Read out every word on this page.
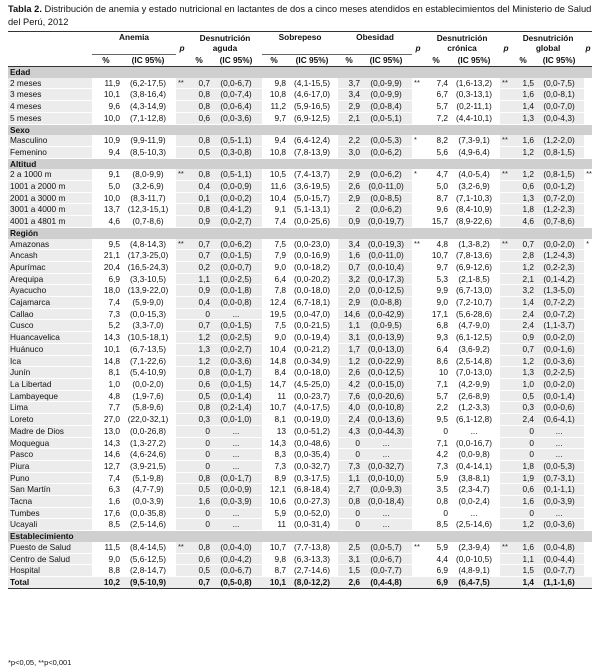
Tabla 2. Distribución de anemia y estado nutricional en lactantes de dos a cinco meses atendidos en establecimientos del Ministerio de Salud del Perú, 2012
	Anemia			Desnutrición aguda		Sobrepeso		Obesidad			Desnutrición crónica			Desnutrición global		
			p							p			p			p
	%	(IC 95%)		%	(IC 95%)	%	(IC 95%)	%	(IC 95%)		%	(IC 95%)		%	(IC 95%)	
Edad																
2 meses	11,9	(6,2-17,5)	**	0,7	(0,0-6,7)	9,8	(4,1-15,5)	3,7	(0,0-9,9)	**	7,4	(1,6-13,2)	**	1,5	(0,0-7,5)	
3 meses	10,1	(3,8-16,4)		0,8	(0,0-7,4)	10,8	(4,6-17,0)	3,4	(0,0-9,9)		6,7	(0,3-13,1)		1,6	(0,0-8,1)	
4 meses	9,6	(4,3-14,9)		0,8	(0,0-6,4)	11,2	(5,9-16,5)	2,9	(0,0-8,4)		5,7	(0,2-11,1)		1,4	(0,0-7,0)	
5 meses	10,0	(7,1-12,8)		0,6	(0,0-3,6)	9,7	(6,9-12,5)	2,1	(0,0-5,1)		7,2	(4,4-10,1)		1,3	(0,0-4,3)	
Sexo																
Masculino	10,9	(9,9-11,9)		0,8	(0,5-1,1)	9,4	(6,4-12,4)	2,2	(0,0-5,3)	*	8,2	(7,3-9,1)	**	1,6	(1,2-2,0)	
Femenino	9,4	(8,5-10,3)		0,5	(0,3-0,8)	10,8	(7,8-13,9)	3,0	(0,0-6,2)		5,6	(4,9-6,4)		1,2	(0,8-1,5)	
Altitud																
2 a 1000 m	9,1	(8,0-9,9)	**	0,8	(0,5-1,1)	10,5	(7,4-13,7)	2,9	(0,0-6,2)	*	4,7	(4,0-5,4)	**	1,2	(0,8-1,5)	**
1001 a 2000 m	5,0	(3,2-6,9)		0,4	(0,0-0,9)	11,6	(3,6-19,5)	2,6	(0,0-11,0)		5,0	(3,2-6,9)		0,6	(0,0-1,2)	
2001 a 3000 m	10,0	(8,3-11,7)		0,1	(0,0-0,2)	10,4	(5,0-15,7)	2,9	(0,0-8,5)		8,7	(7,1-10,3)		1,3	(0,7-2,0)	
3001 a 4000 m	13,7	(12,3-15,1)		0,8	(0,4-1,2)	9,1	(5,1-13,1)	2	(0,0-6,2)		9,6	(8,4-10,9)		1,8	(1,2-2,3)	
4001 a 4801 m	4,6	(0,7-8,6)		0,9	(0,0-2,7)	7,4	(0,0-25,6)	0,9	(0,0-19,7)		15,7	(8,9-22,6)		4,6	(0,7-8,6)	
Región																
Amazonas	9,5	(4,8-14,3)	**	0,7	(0,0-6,2)	7,5	(0,0-23,0)	3,4	(0,0-19,3)	**	4,8	(1,3-8,2)	**	0,7	(0,0-2,0)	*
Ancash	21,1	(17,3-25,0)		0,7	(0,0-1,5)	7,9	(0,0-16,9)	1,6	(0,0-11,0)		10,7	(7,8-13,6)		2,8	(1,2-4,3)	
Apurímac	20,4	(16,5-24,3)		0,2	(0,0-0,7)	9,0	(0,0-18,2)	0,7	(0,0-10,4)		9,7	(6,9-12,6)		1,2	(0,2-2,3)	
Arequipa	6,9	(3,3-10,5)		1,1	(0,0-2,5)	6,4	(0,0-20,2)	3,2	(0,0-17,3)		5,3	(2,1-8,5)		2,1	(0,1-4,2)	
Ayacucho	18,0	(13,9-22,0)		0,9	(0,0-1,8)	7,8	(0,0-18,0)	2,0	(0,0-12,5)		9,9	(6,7-13,0)		3,2	(1,3-5,0)	
Cajamarca	7,4	(5,9-9,0)		0,4	(0,0-0,8)	12,4	(6,7-18,1)	2,9	(0,0-8,8)		9,0	(7,2-10,7)		1,4	(0,7-2,2)	
Callao	7,3	(0,0-15,3)		0	...	19,5	(0,0-47,0)	14,6	(0,0-42,9)		17,1	(5,6-28,6)		2,4	(0,0-7,2)	
Cusco	5,2	(3,3-7,0)		0,7	(0,0-1,5)	7,5	(0,0-21,5)	1,1	(0,0-9,5)		6,8	(4,7-9,0)		2,4	(1,1-3,7)	
Huancavelica	14,3	(10,5-18,1)		1,2	(0,0-2,5)	9,0	(0,0-19,4)	3,1	(0,0-13,9)		9,3	(6,1-12,5)		0,9	(0,0-2,0)	
Huánuco	10,1	(6,7-13,5)		1,3	(0,0-2,7)	10,4	(0,0-21,2)	1,7	(0,0-13,0)		6,4	(3,6-9,2)		0,7	(0,0-1,6)	
Ica	14,8	(7,1-22,6)		1,2	(0,0-3,6)	14,8	(0,0-34,9)	1,2	(0,0-22,9)		8,6	(2,5-14,8)		1,2	(0,0-3,6)	
Junín	8,1	(5,4-10,9)		0,8	(0,0-1,7)	8,4	(0,0-18,0)	2,6	(0,0-12,5)		10	(7,0-13,0)		1,3	(0,2-2,5)	
La Libertad	1,0	(0,0-2,0)		0,6	(0,0-1,5)	14,7	(4,5-25,0)	4,2	(0,0-15,0)		7,1	(4,2-9,9)		1,0	(0,0-2,0)	
Lambayeque	4,8	(1,9-7,6)		0,5	(0,0-1,4)	11	(0,0-23,7)	7,6	(0,0-20,6)		5,7	(2,6-8,9)		0,5	(0,0-1,4)	
Lima	7,7	(5,8-9,6)		0,8	(0,2-1,4)	10,7	(4,0-17,5)	4,0	(0,0-10,8)		2,2	(1,2-3,3)		0,3	(0,0-0,6)	
Loreto	27,0	(22,0-32,1)		0,3	(0,0-1,0)	8,1	(0,0-19,0)	2,4	(0,0-13,6)		9,5	(6,1-12,8)		2,4	(0,6-4,1)	
Madre de Dios	13,0	(0,0-26,8)		0	...	13	(0,0-51,2)	4,3	(0,0-44,3)		0	...		0	...	
Moquegua	14,3	(1,3-27,2)		0	...	14,3	(0,0-48,6)	0	...		7,1	(0,0-16,7)		0	...	
Pasco	14,6	(4,6-24,6)		0	...	8,3	(0,0-35,4)	0	...		4,2	(0,0-9,8)		0	...	
Piura	12,7	(3,9-21,5)		0	...	7,3	(0,0-32,7)	7,3	(0,0-32,7)		7,3	(0,4-14,1)		1,8	(0,0-5,3)	
Puno	7,4	(5,1-9,8)		0,8	(0,0-1,7)	8,9	(0,3-17,5)	1,1	(0,0-10,0)		5,9	(3,8-8,1)		1,9	(0,7-3,1)	
San Martín	6,3	(4,7-7,9)		0,5	(0,0-0,9)	12,1	(6,8-18,4)	2,7	(0,0-9,3)		3,5	(2,3-4,7)		0,6	(0,1-1,1)	
Tacna	1,6	(0,0-3,9)		1,6	(0,0-3,9)	10,6	(0,0-27,3)	0,8	(0,0-18,4)		0,8	(0,0-2,4)		1,6	(0,0-3,9)	
Tumbes	17,6	(0,0-35,8)		0	...	5,9	(0,0-52,0)	0	...		0	...		0	...	
Ucayali	8,5	(2,5-14,6)		0	...	11	(0,0-31,4)	0	...		8,5	(2,5-14,6)		1,2	(0,0-3,6)	
Establecimiento																
Puesto de Salud	11,5	(8,4-14,5)	**	0,8	(0,0-4,0)	10,7	(7,7-13,8)	2,5	(0,0-5,7)	**	5,9	(2,3-9,4)	**	1,6	(0,0-4,8)	
Centro de Salud	9,0	(5,6-12,5)		0,6	(0,0-4,2)	9,8	(6,3-13,3)	3,1	(0,0-6,7)		4,4	(0,0-10,5)		1,1	(0,0-4,4)	
Hospital	8,8	(2,8-14,7)		0,5	(0,0-6,7)	8,7	(2,7-14,6)	1,5	(0,0-7,7)		6,9	(4,8-9,1)		1,5	(0,0-7,7)	
Total	10,2	(9,5-10,9)		0,7	(0,5-0,8)	10,1	(8,0-12,2)	2,6	(0,4-4,8)		6,9	(6,4-7,5)		1,4	(1,1-1,6)	
*p<0,05, **p<0,001
